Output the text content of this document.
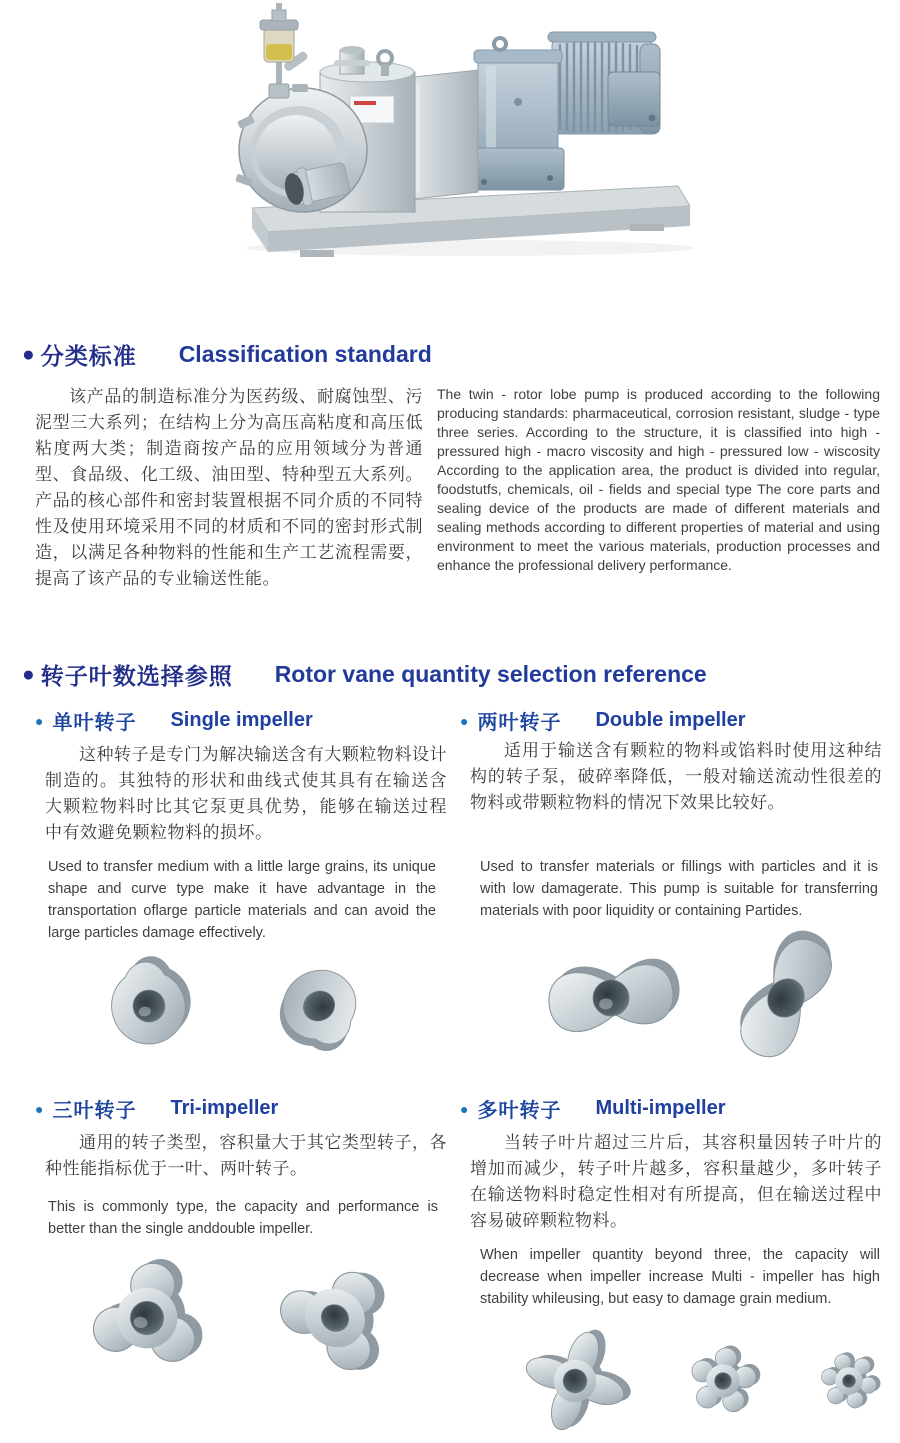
● 分类标准 Classification standard
该产品的制造标准分为医药级、耐腐蚀型、污泥型三大系列；在结构上分为高压高粘度和高压低粘度两大类；制造商按产品的应用领域分为普通型、食品级、化工级、油田型、特种型五大系列。产品的核心部件和密封装置根据不同介质的不同特性及使用环境采用不同的材质和不同的密封形式制造，以满足各种物料的性能和生产工艺流程需要，提高了该产品的专业输送性能。
The twin - rotor lobe pump is produced according to the following producing standards: pharmaceutical, corrosion resistant, sludge - type three series. According to the structure, it is classified into high - pressured high - macro viscosity and high - pressured low - wiscosity According to the application area, the product is divided into regular, foodstutfs, chemicals, oil - fields and special type The core parts and sealing device of the products are made of different materials and sealing methods according to different properties of material and using environment to meet the various materials, production processes and enhance the professional delivery performance.
● 转子叶数选择参照 Rotor vane quantity selection reference
● 单叶转子 Single impeller
这种转子是专门为解决输送含有大颗粒物料设计制造的。其独特的形状和曲线式使其具有在输送含大颗粒物料时比其它泵更具优势，能够在输送过程中有效避免颗粒物料的损坏。
Used to transfer medium with a little large grains, its unique shape and curve type make it have advantage in the transportation oflarge particle materials and can avoid the large particles damage effectively.
● 两叶转子 Double impeller
适用于输送含有颗粒的物料或馅料时使用这种结构的转子泵，破碎率降低，一般对输送流动性很差的物料或带颗粒物料的情况下效果比较好。
Used to transfer materials or fillings with particles and it is with low damagerate. This pump is suitable for transferring materials with poor liquidity or containing Partides.
● 三叶转子 Tri-impeller
通用的转子类型，容积量大于其它类型转子，各种性能指标优于一叶、两叶转子。
This is commonly type, the capacity and performance is better than the single anddouble impeller.
● 多叶转子 Multi-impeller
当转子叶片超过三片后，其容积量因转子叶片的增加而减少，转子叶片越多，容积量越少，多叶转子在输送物料时稳定性相对有所提高，但在输送过程中容易破碎颗粒物料。
When impeller quantity beyond three, the capacity will decrease when impeller increase Multi - impeller has high stability whileusing, but easy to damage grain medium.
